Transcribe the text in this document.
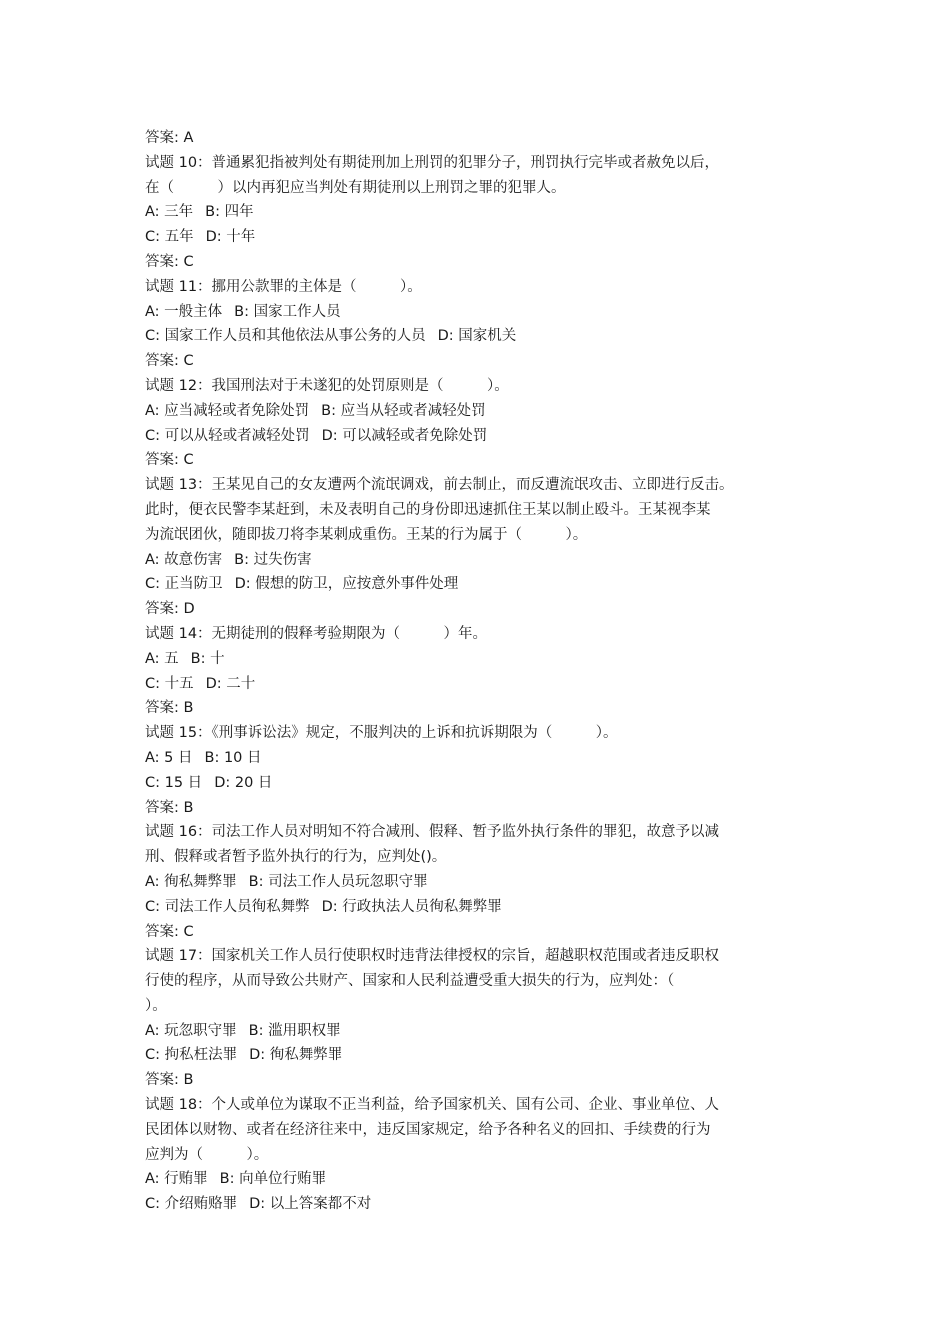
答案: A
试题 10：普通累犯指被判处有期徒刑加上刑罚的犯罪分子，刑罚执行完毕或者赦免以后，
在（　　　）以内再犯应当判处有期徒刑以上刑罚之罪的犯罪人。
A: 三年 B: 四年
C: 五年 D: 十年
答案: C
试题 11：挪用公款罪的主体是（　　　）。
A: 一般主体 B: 国家工作人员
C: 国家工作人员和其他依法从事公务的人员 D: 国家机关
答案: C
试题 12：我国刑法对于未遂犯的处罚原则是（　　　）。
A: 应当减轻或者免除处罚 B: 应当从轻或者减轻处罚
C: 可以从轻或者减轻处罚 D: 可以减轻或者免除处罚
答案: C
试题 13：王某见自己的女友遭两个流氓调戏，前去制止，而反遭流氓攻击、立即进行反击。
此时，便衣民警李某赶到，未及表明自己的身份即迅速抓住王某以制止殴斗。王某视李某
为流氓团伙，随即拔刀将李某刺成重伤。王某的行为属于（　　　）。
A: 故意伤害 B: 过失伤害
C: 正当防卫 D: 假想的防卫，应按意外事件处理
答案: D
试题 14：无期徒刑的假释考验期限为（　　　）年。
A: 五 B: 十
C: 十五 D: 二十
答案: B
试题 15：《刑事诉讼法》规定，不服判决的上诉和抗诉期限为（　　　）。
A: 5 日 B: 10 日
C: 15 日 D: 20 日
答案: B
试题 16：司法工作人员对明知不符合减刑、假释、暂予监外执行条件的罪犯，故意予以减
刑、假释或者暂予监外执行的行为，应判处()。
A: 徇私舞弊罪 B: 司法工作人员玩忽职守罪
C: 司法工作人员徇私舞弊 D: 行政执法人员徇私舞弊罪
答案: C
试题 17：国家机关工作人员行使职权时违背法律授权的宗旨，超越职权范围或者违反职权
行使的程序，从而导致公共财产、国家和人民利益遭受重大损失的行为，应判处：（
）。
A: 玩忽职守罪 B: 滥用职权罪
C: 拘私枉法罪 D: 徇私舞弊罪
答案: B
试题 18：个人或单位为谋取不正当利益，给予国家机关、国有公司、企业、事业单位、人
民团体以财物、或者在经济往来中，违反国家规定，给予各种名义的回扣、手续费的行为
应判为（　　　）。
A: 行贿罪 B: 向单位行贿罪
C: 介绍贿赂罪 D: 以上答案都不对
